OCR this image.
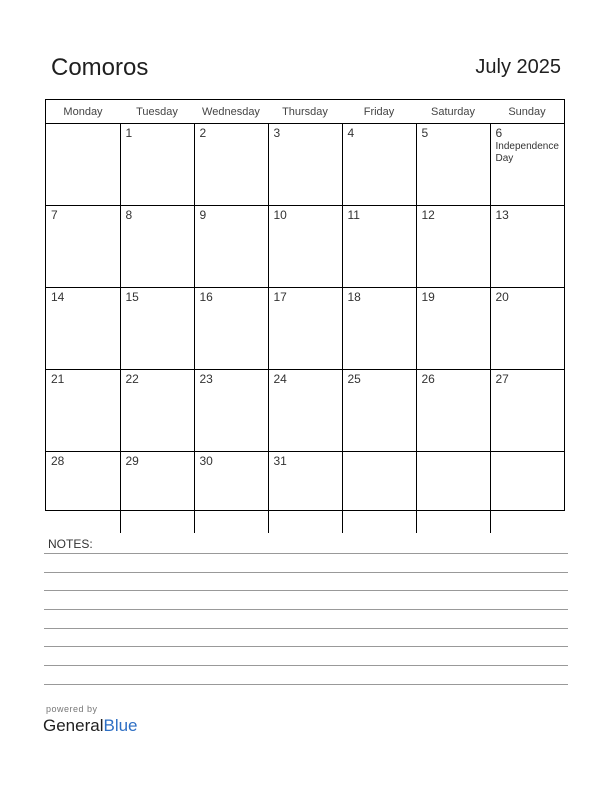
Comoros	July 2025
Monday	Tuesday	Wednesday	Thursday	Friday	Saturday	Sunday

	1	2	3	4	5	6
Independence Day

7	8	9	10	11	12	13

14	15	16	17	18	19	20

21	22	23	24	25	26	27

28	29	30	31			

NOTES:
powered by
GeneralBlue
